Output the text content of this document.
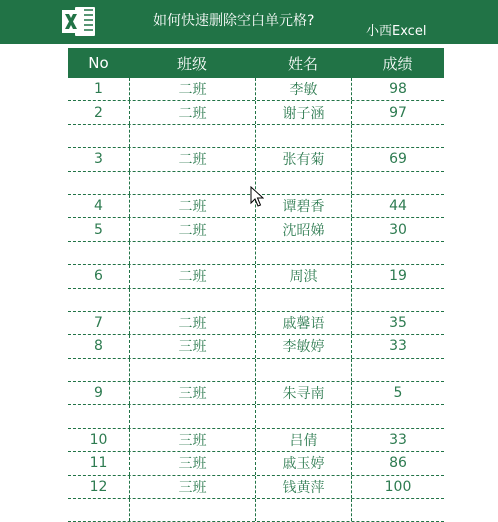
如何快速删除空白单元格?
小西Excel
No	班级	姓名	成绩
1	二班	李敏	98
2	二班	谢子涵	97
3	二班	张有菊	69
4	二班	谭碧香	44
5	二班	沈昭娣	30
6	二班	周淇	19
7	二班	戚馨语	35
8	三班	李敏婷	33
9	三班	朱寻南	5
10	三班	吕倩	33
11	三班	戚玉婷	86
12	三班	钱黄萍	100
